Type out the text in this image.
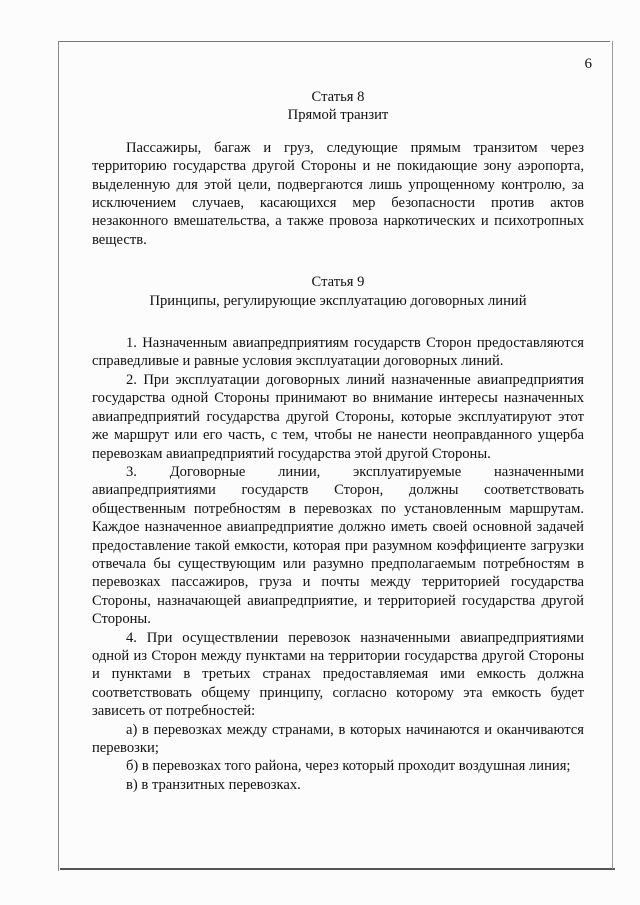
6

Статья 8

Прямой транзит

Пассажиры, багаж и груз, следующие прямым транзитом через территорию государства другой Стороны и не покидающие зону аэропорта, выделенную для этой цели, подвергаются лишь упрощенному контролю, за исключением случаев, касающихся мер безопасности против актов незаконного вмешательства, а также провоза наркотических и психотропных веществ.

Статья 9

Принципы, регулирующие эксплуатацию договорных линий

1. Назначенным авиапредприятиям государств Сторон предоставляются справедливые и равные условия эксплуатации договорных линий.

2. При эксплуатации договорных линий назначенные авиапредприятия государства одной Стороны принимают во внимание интересы назначенных авиапредприятий государства другой Стороны, которые эксплуатируют этот же маршрут или его часть, с тем, чтобы не нанести неоправданного ущерба перевозкам авиапредприятий государства этой другой Стороны.

3. Договорные линии, эксплуатируемые назначенными авиапредприятиями государств Сторон, должны соответствовать общественным потребностям в перевозках по установленным маршрутам. Каждое назначенное авиапредприятие должно иметь своей основной задачей предоставление такой емкости, которая при разумном коэффициенте загрузки отвечала бы существующим или разумно предполагаемым потребностям в перевозках пассажиров, груза и почты между территорией государства Стороны, назначающей авиапредприятие, и территорией государства другой Стороны.

4. При осуществлении перевозок назначенными авиапредприятиями одной из Сторон между пунктами на территории государства другой Стороны и пунктами в третьих странах предоставляемая ими емкость должна соответствовать общему принципу, согласно которому эта емкость будет зависеть от потребностей:

а) в перевозках между странами, в которых начинаются и оканчиваются перевозки;

б) в перевозках того района, через который проходит воздушная линия;

в) в транзитных перевозках.
